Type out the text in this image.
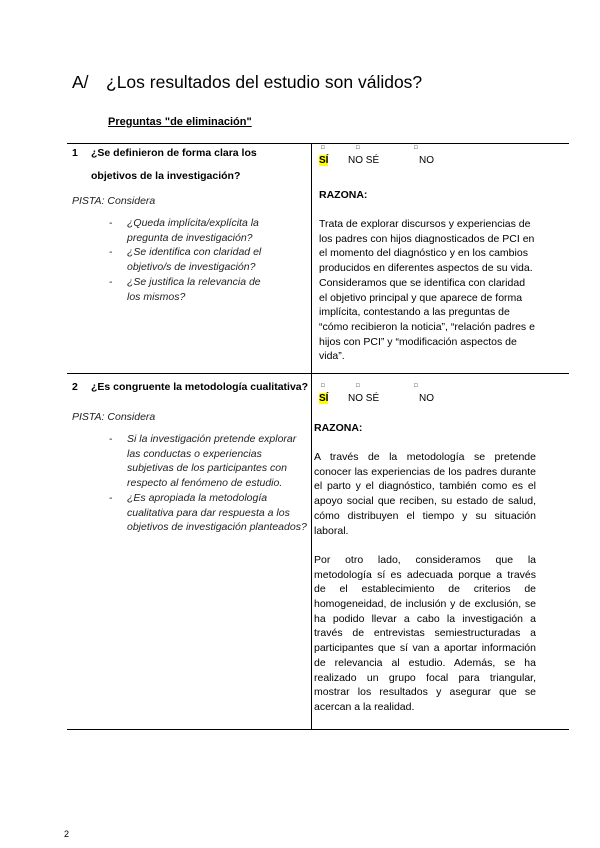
A/ ¿Los resultados del estudio son válidos?
Preguntas "de eliminación"
1 ¿Se definieron de forma clara los objetivos de la investigación?
PISTA: Considera
- ¿Queda implícita/explícita la pregunta de investigación?
- ¿Se identifica con claridad el objetivo/s de investigación?
- ¿Se justifica la relevancia de los mismos?
□	□	□
SÍ NO SÉ	NO
RAZONA:

Trata de explorar discursos y experiencias de los padres con hijos diagnosticados de PCI en el momento del diagnóstico y en los cambios producidos en diferentes aspectos de su vida. Consideramos que se identifica con claridad el objetivo principal y que aparece de forma implícita, contestando a las preguntas de “cómo recibieron la noticia”, “relación padres e hijos con PCI” y “modificación aspectos de vida”.

2 ¿Es congruente la metodología cualitativa?
PISTA: Considera
- Si la investigación pretende explorar las conductas o experiencias subjetivas de los participantes con respecto al fenómeno de estudio.
- ¿Es apropiada la metodología cualitativa para dar respuesta a los objetivos de investigación planteados?
□	□	□
SÍ NO SÉ	NO
RAZONA:

A través de la metodología se pretende conocer las experiencias de los padres durante el parto y el diagnóstico, también como es el apoyo social que reciben, su estado de salud, cómo distribuyen el tiempo y su situación laboral.

Por otro lado, consideramos que la metodología sí es adecuada porque a través de el establecimiento de criterios de homogeneidad, de inclusión y de exclusión, se ha podido llevar a cabo la investigación a través de entrevistas semiestructuradas a participantes que sí van a aportar información de relevancia al estudio. Además, se ha realizado un grupo focal para triangular, mostrar los resultados y asegurar que se acercan a la realidad.

2
